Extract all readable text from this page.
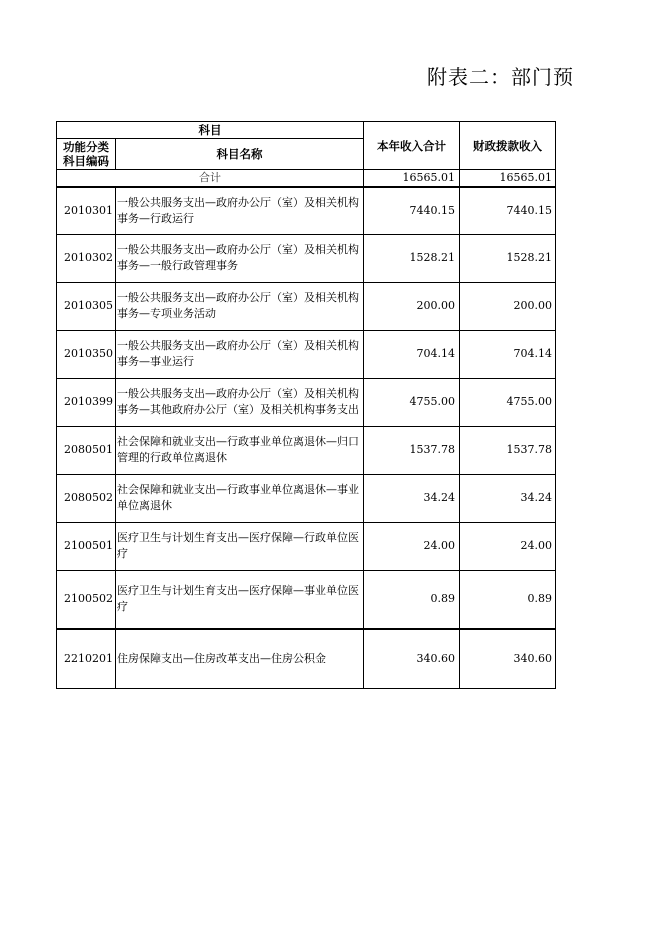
附表二：部门预
科目		本年收入合计	财政拨款收入
功能分类
科目编码	科目名称		
合计		16565.01	16565.01
2010301	一般公共服务支出—政府办公厅（室）及相关机构事务—行政运行	7440.15	7440.15
2010302	一般公共服务支出—政府办公厅（室）及相关机构事务—一般行政管理事务	1528.21	1528.21
2010305	一般公共服务支出—政府办公厅（室）及相关机构事务—专项业务活动	200.00	200.00
2010350	一般公共服务支出—政府办公厅（室）及相关机构事务—事业运行	704.14	704.14
2010399	一般公共服务支出—政府办公厅（室）及相关机构事务—其他政府办公厅（室）及相关机构事务支出	4755.00	4755.00
2080501	社会保障和就业支出—行政事业单位离退休—归口管理的行政单位离退休	1537.78	1537.78
2080502	社会保障和就业支出—行政事业单位离退休—事业单位离退休	34.24	34.24
2100501	医疗卫生与计划生育支出—医疗保障—行政单位医疗	24.00	24.00
2100502	医疗卫生与计划生育支出—医疗保障—事业单位医疗	0.89	0.89
2210201	住房保障支出—住房改革支出—住房公积金	340.60	340.60
